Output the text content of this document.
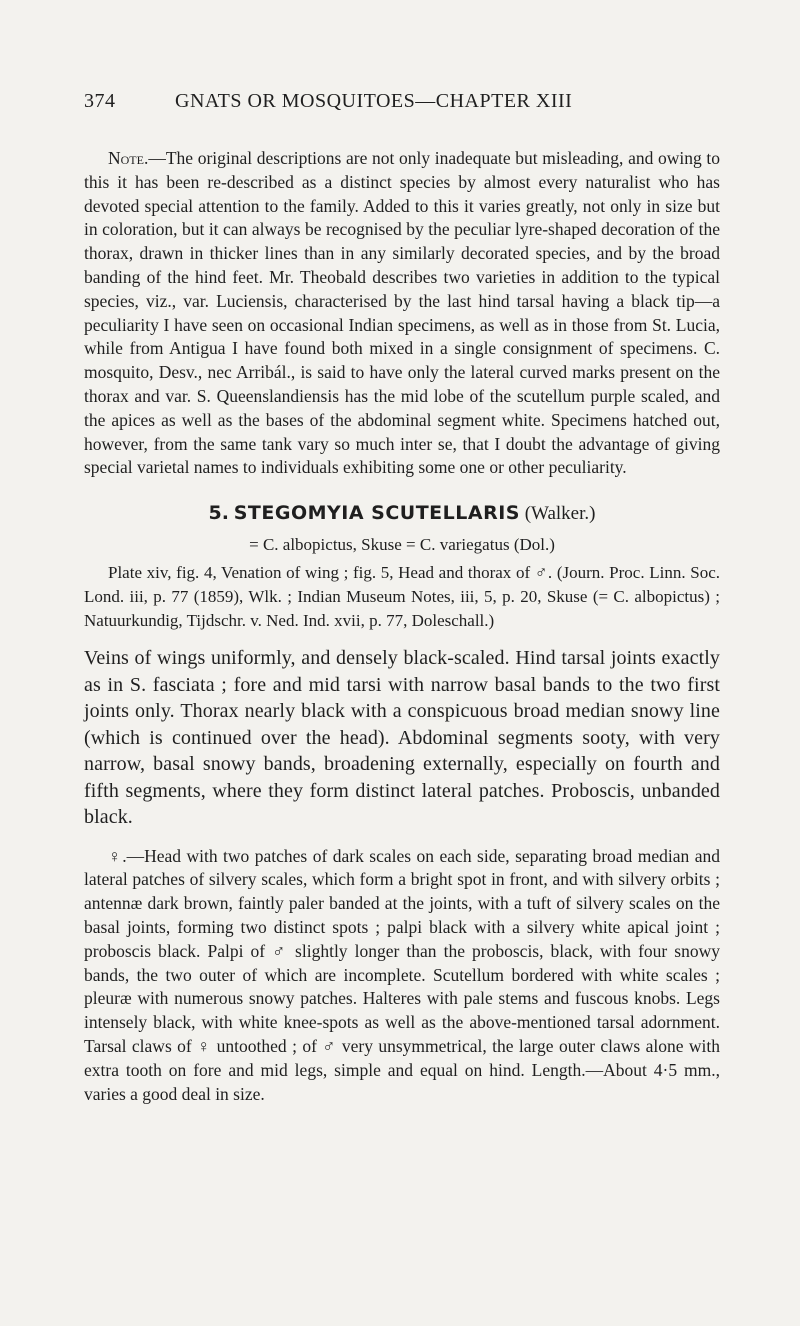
374	GNATS OR MOSQUITOES—CHAPTER XIII

Note.—The original descriptions are not only inadequate but misleading, and owing to this it has been re-described as a distinct species by almost every naturalist who has devoted special attention to the family. Added to this it varies greatly, not only in size but in coloration, but it can always be recognised by the peculiar lyre-shaped decoration of the thorax, drawn in thicker lines than in any similarly decorated species, and by the broad banding of the hind feet. Mr. Theobald describes two varieties in addition to the typical species, viz., var. Luciensis, characterised by the last hind tarsal having a black tip—a peculiarity I have seen on occasional Indian specimens, as well as in those from St. Lucia, while from Antigua I have found both mixed in a single consignment of specimens. C. mosquito, Desv., nec Arribál., is said to have only the lateral curved marks present on the thorax and var. S. Queenslandiensis has the mid lobe of the scutellum purple scaled, and the apices as well as the bases of the abdominal segment white. Specimens hatched out, however, from the same tank vary so much inter se, that I doubt the advantage of giving special varietal names to individuals exhibiting some one or other peculiarity.

5. STEGOMYIA SCUTELLARIS (Walker.)

= C. albopictus, Skuse = C. variegatus (Dol.)

Plate xiv, fig. 4, Venation of wing ; fig. 5, Head and thorax of ♂. (Journ. Proc. Linn. Soc. Lond. iii, p. 77 (1859), Wlk. ; Indian Museum Notes, iii, 5, p. 20, Skuse (= C. albopictus) ; Natuurkundig, Tijdschr. v. Ned. Ind. xvii, p. 77, Doleschall.)

Veins of wings uniformly, and densely black-scaled. Hind tarsal joints exactly as in S. fasciata ; fore and mid tarsi with narrow basal bands to the two first joints only. Thorax nearly black with a conspicuous broad median snowy line (which is continued over the head). Abdominal segments sooty, with very narrow, basal snowy bands, broadening externally, especially on fourth and fifth segments, where they form distinct lateral patches. Proboscis, unbanded black.

♀.—Head with two patches of dark scales on each side, separating broad median and lateral patches of silvery scales, which form a bright spot in front, and with silvery orbits ; antennæ dark brown, faintly paler banded at the joints, with a tuft of silvery scales on the basal joints, forming two distinct spots ; palpi black with a silvery white apical joint ; proboscis black. Palpi of ♂ slightly longer than the proboscis, black, with four snowy bands, the two outer of which are incomplete. Scutellum bordered with white scales ; pleuræ with numerous snowy patches. Halteres with pale stems and fuscous knobs. Legs intensely black, with white knee-spots as well as the above-mentioned tarsal adornment. Tarsal claws of ♀ untoothed ; of ♂ very unsymmetrical, the large outer claws alone with extra tooth on fore and mid legs, simple and equal on hind. Length.—About 4·5 mm., varies a good deal in size.
